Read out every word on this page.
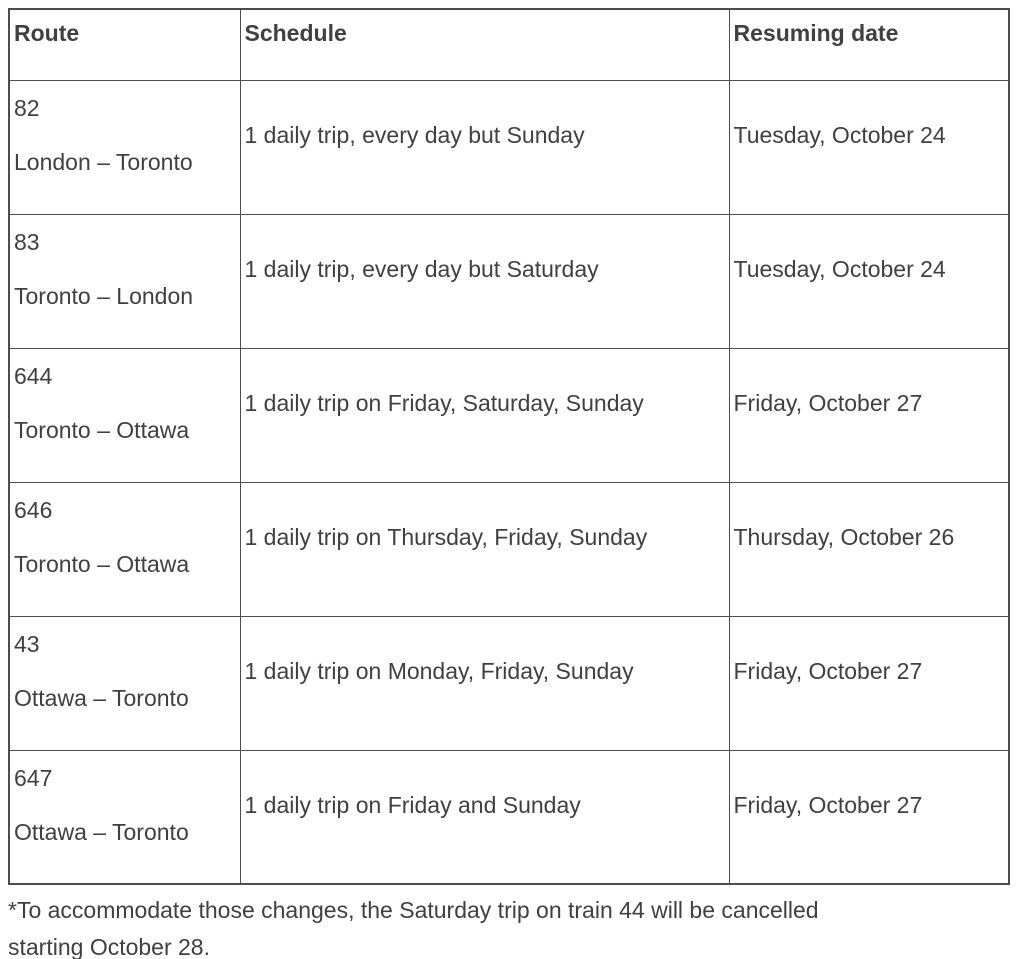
Route	Schedule	Resuming date

82

London – Toronto	1 daily trip, every day but Sunday	Tuesday, October 24

83

Toronto – London	1 daily trip, every day but Saturday	Tuesday, October 24

644

Toronto – Ottawa	1 daily trip on Friday, Saturday, Sunday	Friday, October 27

646

Toronto – Ottawa	1 daily trip on Thursday, Friday, Sunday	Thursday, October 26

43

Ottawa – Toronto	1 daily trip on Monday, Friday, Sunday	Friday, October 27

647

Ottawa – Toronto	1 daily trip on Friday and Sunday	Friday, October 27

*To accommodate those changes, the Saturday trip on train 44 will be cancelled
starting October 28.
